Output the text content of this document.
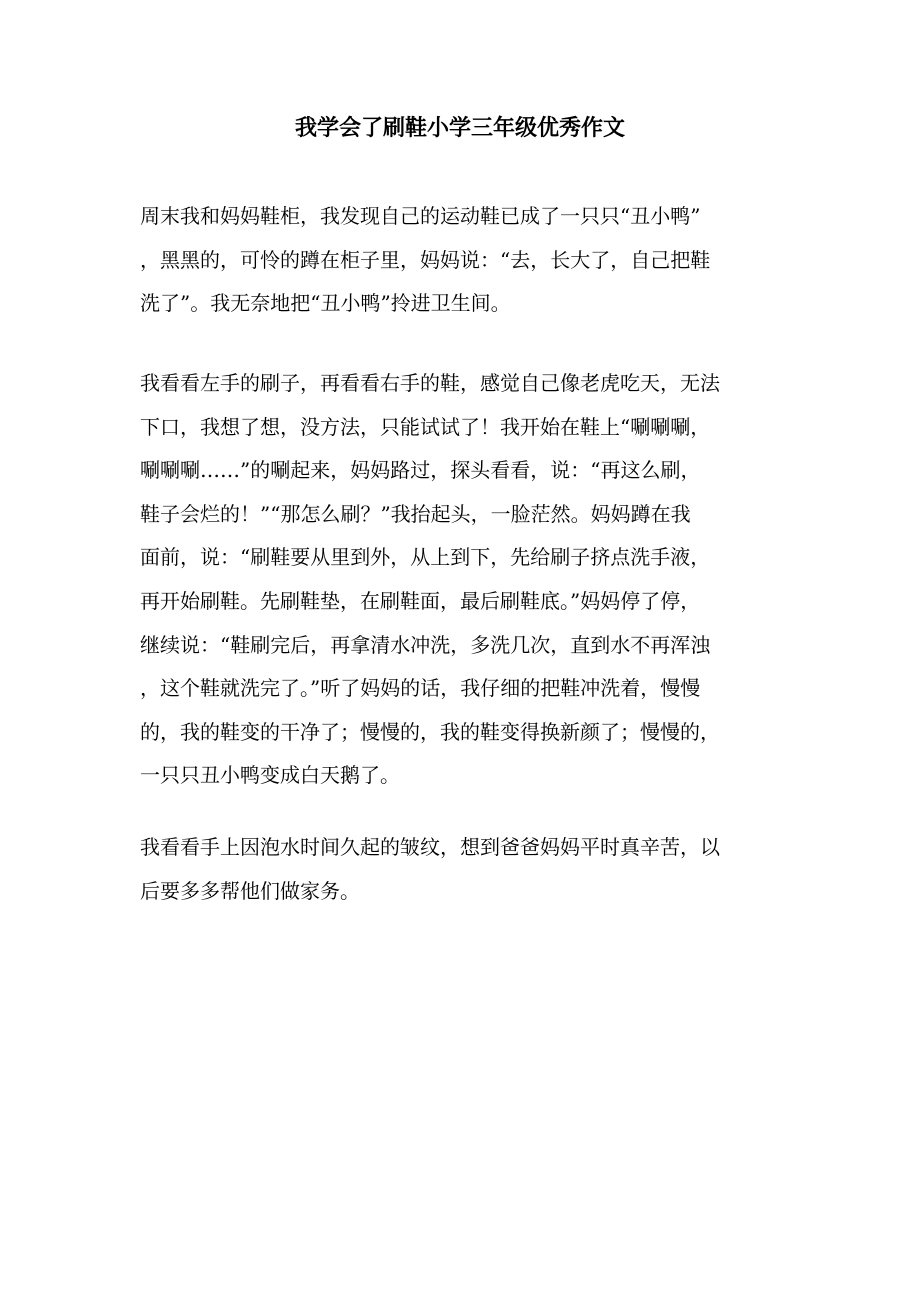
我学会了刷鞋小学三年级优秀作文
周末我和妈妈鞋柜，我发现自己的运动鞋已成了一只只“丑小鸭”
，黑黑的，可怜的蹲在柜子里，妈妈说：“去，长大了，自己把鞋
洗了”。我无奈地把“丑小鸭”拎进卫生间。
我看看左手的刷子，再看看右手的鞋，感觉自己像老虎吃天，无法
下口，我想了想，没方法，只能试试了！我开始在鞋上“唰唰唰，
唰唰唰……”的唰起来，妈妈路过，探头看看，说：“再这么刷，
鞋子会烂的！”“那怎么刷？”我抬起头，一脸茫然。妈妈蹲在我
面前，说：“刷鞋要从里到外，从上到下，先给刷子挤点洗手液，
再开始刷鞋。先刷鞋垫，在刷鞋面，最后刷鞋底。”妈妈停了停，
继续说：“鞋刷完后，再拿清水冲洗，多洗几次，直到水不再浑浊
，这个鞋就洗完了。”听了妈妈的话，我仔细的把鞋冲洗着，慢慢
的，我的鞋变的干净了；慢慢的，我的鞋变得换新颜了；慢慢的，
一只只丑小鸭变成白天鹅了。
我看看手上因泡水时间久起的皱纹，想到爸爸妈妈平时真辛苦，以
后要多多帮他们做家务。
